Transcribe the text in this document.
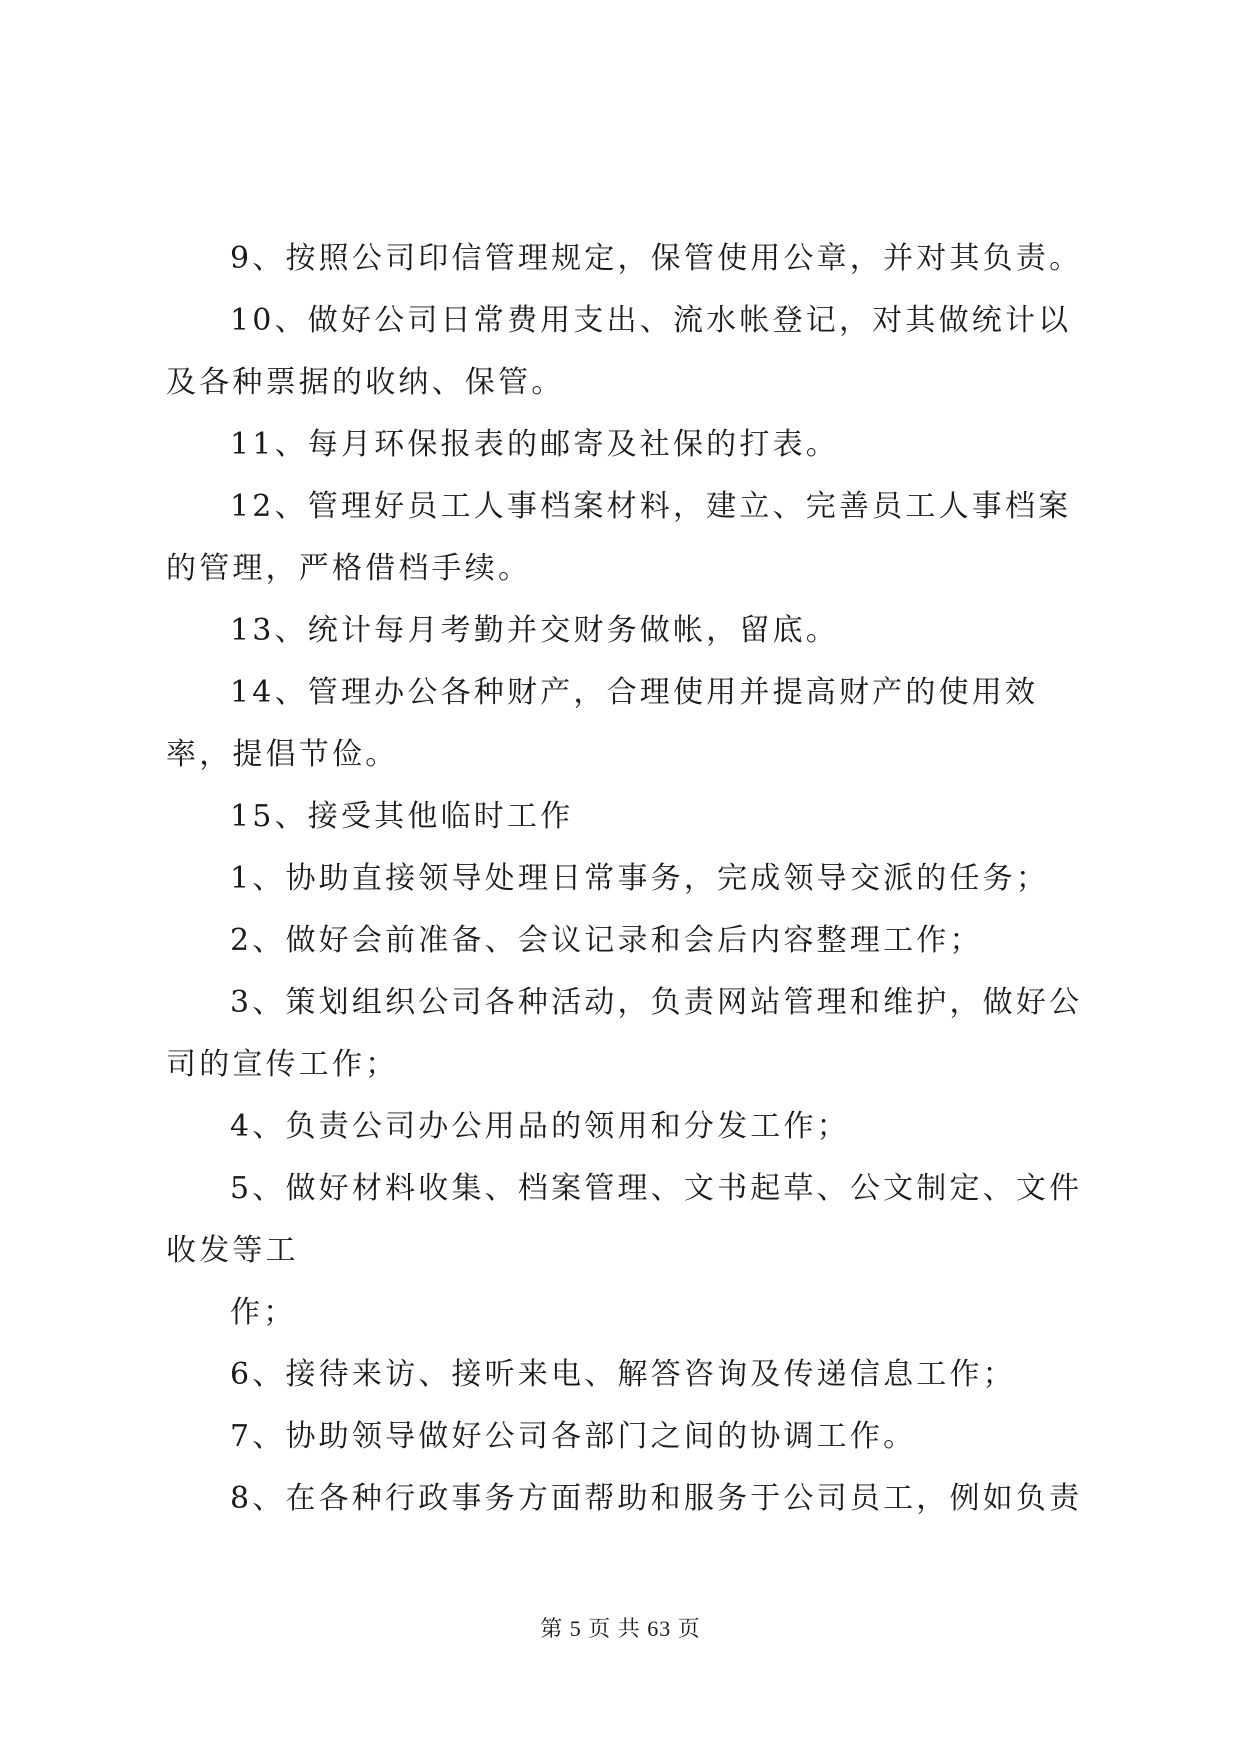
9、按照公司印信管理规定，保管使用公章，并对其负责。

10、做好公司日常费用支出、流水帐登记，对其做统计以及各种票据的收纳、保管。

11、每月环保报表的邮寄及社保的打表。

12、管理好员工人事档案材料，建立、完善员工人事档案的管理，严格借档手续。

13、统计每月考勤并交财务做帐，留底。

14、管理办公各种财产，合理使用并提高财产的使用效率，提倡节俭。

15、接受其他临时工作

1、协助直接领导处理日常事务，完成领导交派的任务；

2、做好会前准备、会议记录和会后内容整理工作；

3、策划组织公司各种活动，负责网站管理和维护，做好公司的宣传工作；

4、负责公司办公用品的领用和分发工作；

5、做好材料收集、档案管理、文书起草、公文制定、文件收发等工

作；

6、接待来访、接听来电、解答咨询及传递信息工作；

7、协助领导做好公司各部门之间的协调工作。

8、在各种行政事务方面帮助和服务于公司员工，例如负责

第 5 页 共 63 页
